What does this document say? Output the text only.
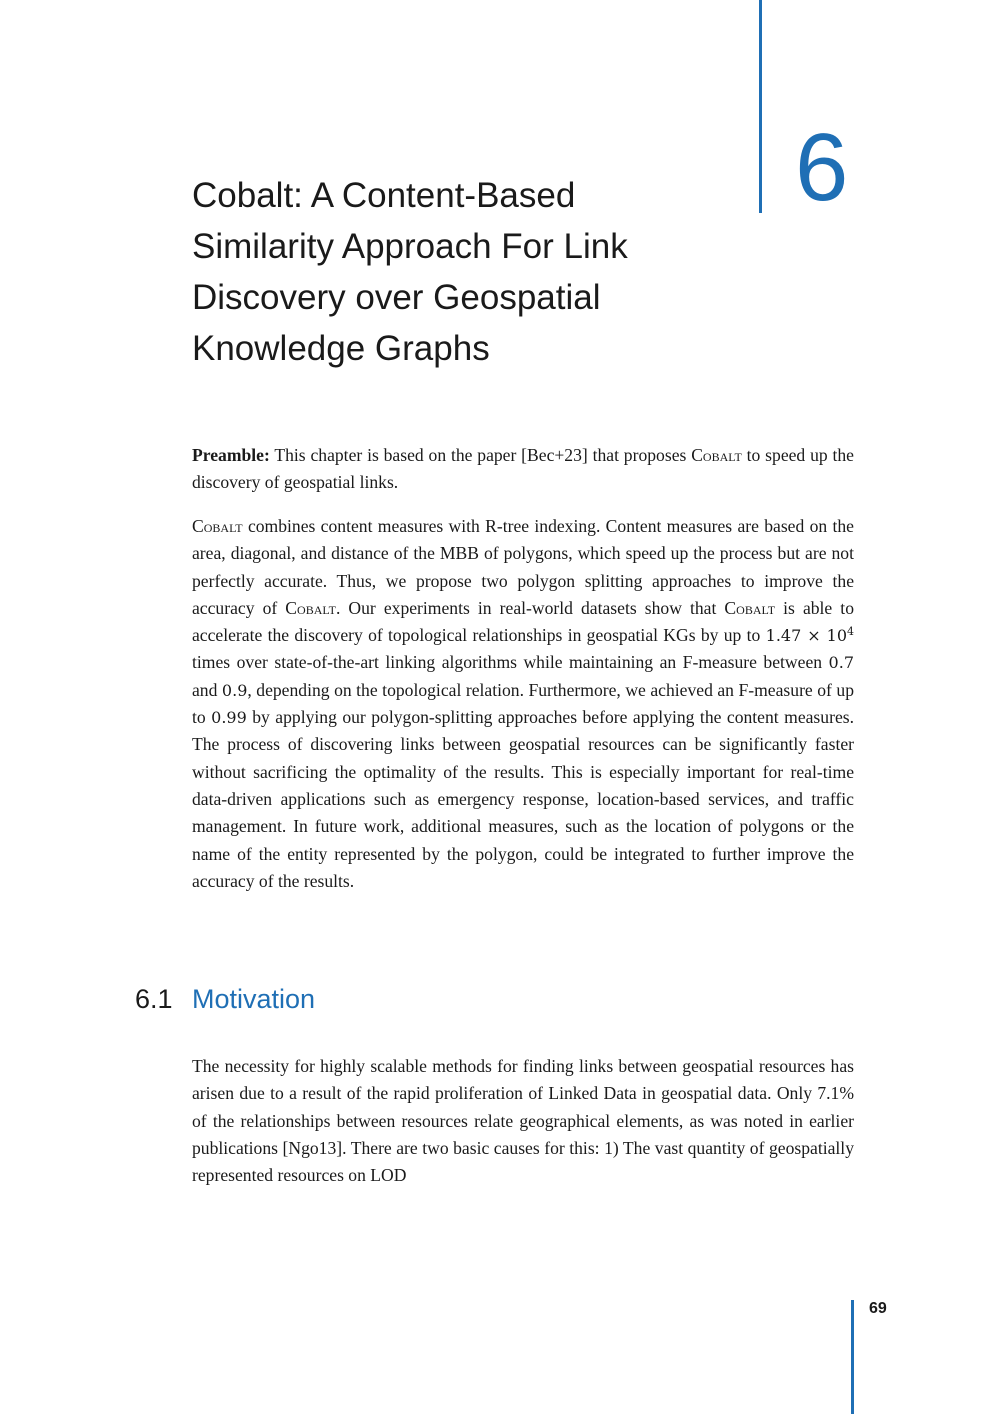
6
Cobalt: A Content-Based
Similarity Approach For Link
Discovery over Geospatial
Knowledge Graphs

Preamble: This chapter is based on the paper [Bec+23] that proposes Cobalt to speed up the discovery of geospatial links.

Cobalt combines content measures with R-tree indexing. Content measures are based on the area, diagonal, and distance of the MBB of polygons, which speed up the process but are not perfectly accurate. Thus, we propose two polygon splitting approaches to improve the accuracy of Cobalt. Our experiments in real-world datasets show that Cobalt is able to accelerate the discovery of topological relationships in geospatial KGs by up to $1.47 \times 10^4$ times over state-of-the-art linking algorithms while maintaining an F-measure between 0.7 and 0.9, depending on the topological relation. Furthermore, we achieved an F-measure of up to 0.99 by applying our polygon-splitting approaches before applying the content measures. The process of discovering links between geospatial resources can be significantly faster without sacrificing the optimality of the results. This is especially important for real-time data-driven applications such as emergency response, location-based services, and traffic management. In future work, additional measures, such as the location of polygons or the name of the entity represented by the polygon, could be integrated to further improve the accuracy of the results.

6.1 Motivation

The necessity for highly scalable methods for finding links between geospatial resources has arisen due to a result of the rapid proliferation of Linked Data in geospatial data. Only 7.1% of the relationships between resources relate geographical elements, as was noted in earlier publications [Ngo13]. There are two basic causes for this: 1) The vast quantity of geospatially represented resources on LOD

69
